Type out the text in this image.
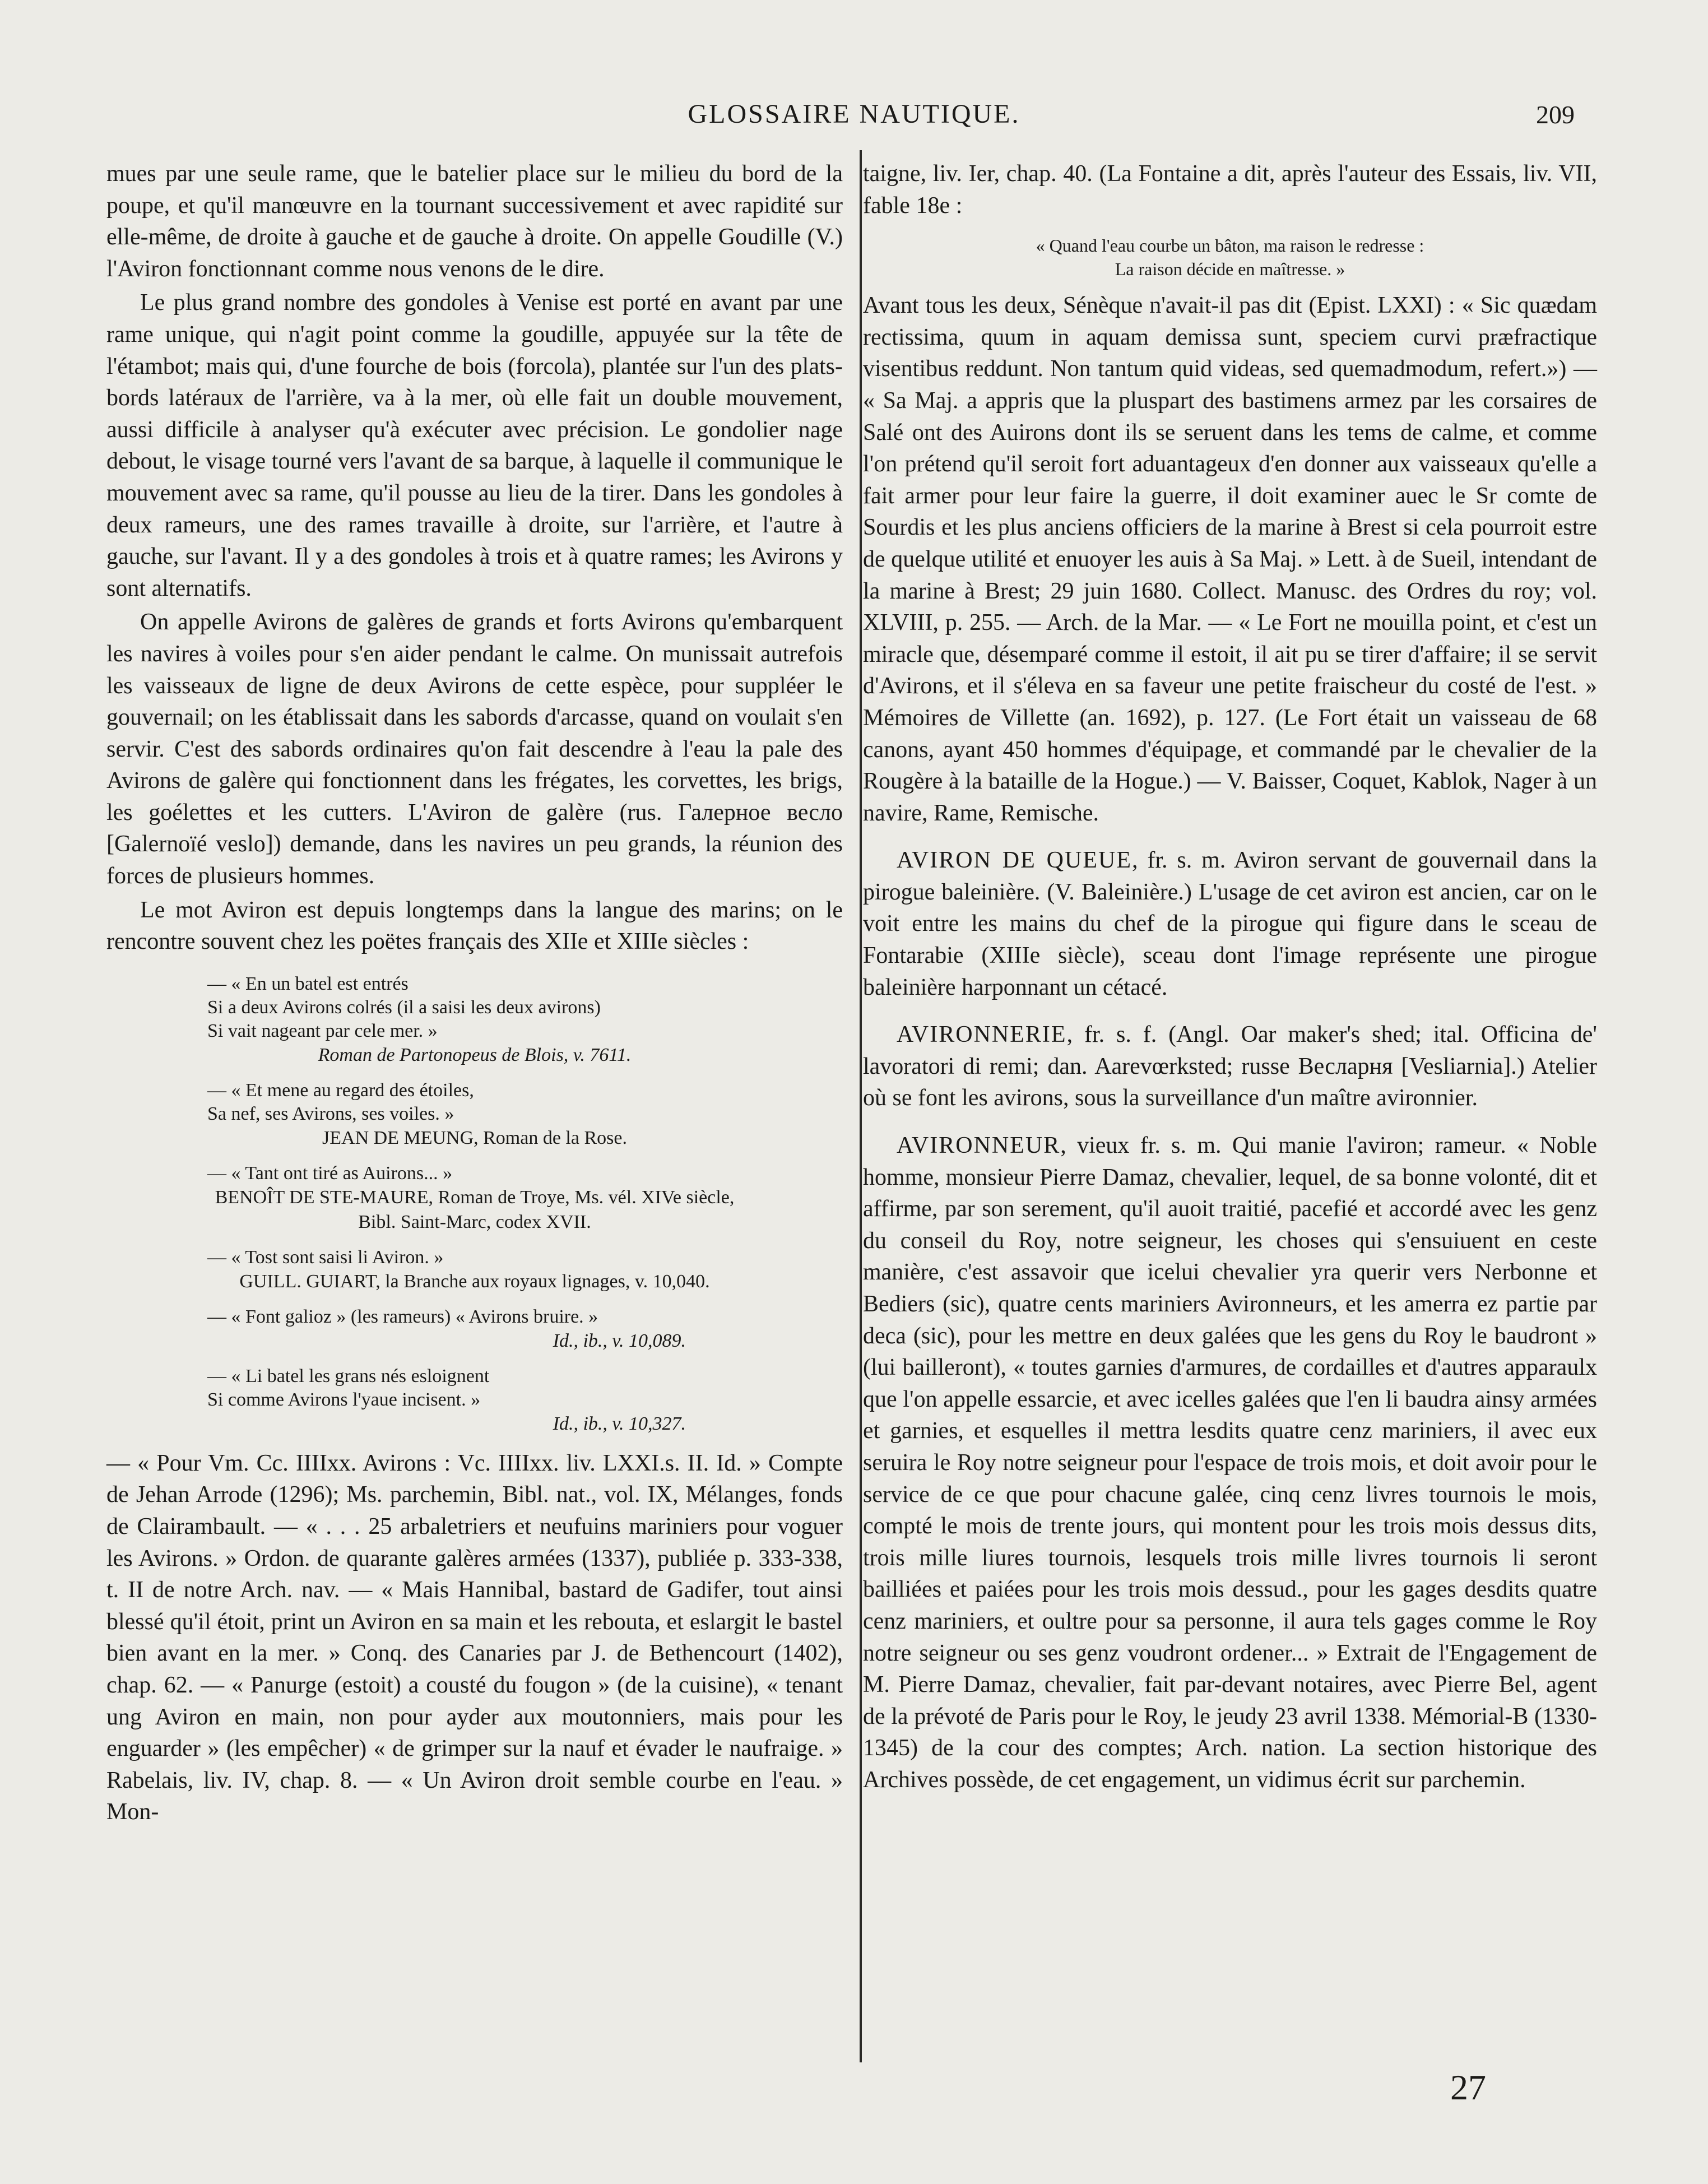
GLOSSAIRE NAUTIQUE.	209

mues par une seule rame, que le batelier place sur le milieu du bord de la poupe, et qu'il manœuvre en la tournant successivement et avec rapidité sur elle-même, de droite à gauche et de gauche à droite. On appelle Goudille (V.) l'Aviron fonctionnant comme nous venons de le dire.

Le plus grand nombre des gondoles à Venise est porté en avant par une rame unique, qui n'agit point comme la goudille, appuyée sur la tête de l'étambot; mais qui, d'une fourche de bois (forcola), plantée sur l'un des plats-bords latéraux de l'arrière, va à la mer, où elle fait un double mouvement, aussi difficile à analyser qu'à exécuter avec précision. Le gondolier nage debout, le visage tourné vers l'avant de sa barque, à laquelle il communique le mouvement avec sa rame, qu'il pousse au lieu de la tirer. Dans les gondoles à deux rameurs, une des rames travaille à droite, sur l'arrière, et l'autre à gauche, sur l'avant. Il y a des gondoles à trois et à quatre rames; les Avirons y sont alternatifs.

On appelle Avirons de galères de grands et forts Avirons qu'embarquent les navires à voiles pour s'en aider pendant le calme. On munissait autrefois les vaisseaux de ligne de deux Avirons de cette espèce, pour suppléer le gouvernail; on les établissait dans les sabords d'arcasse, quand on voulait s'en servir. C'est des sabords ordinaires qu'on fait descendre à l'eau la pale des Avirons de galère qui fonctionnent dans les frégates, les corvettes, les brigs, les goélettes et les cutters. L'Aviron de galère (rus. Галерное весло [Galernoïé veslo]) demande, dans les navires un peu grands, la réunion des forces de plusieurs hommes.

Le mot Aviron est depuis longtemps dans la langue des marins; on le rencontre souvent chez les poëtes français des XIIe et XIIIe siècles :

— « En un batel est entrés
Si a deux Avirons colrés (il a saisi les deux avirons)
Si vait nageant par cele mer. »
Roman de Partonopeus de Blois, v. 7611.
— « Et mene au regard des étoiles,
Sa nef, ses Avirons, ses voiles. »
JEAN DE MEUNG, Roman de la Rose.
— « Tant ont tiré as Auirons... »
BENOÎT DE STE-MAURE, Roman de Troye, Ms. vél. XIVe siècle,
Bibl. Saint-Marc, codex XVII.
— « Tost sont saisi li Aviron. »
GUILL. GUIART, la Branche aux royaux lignages, v. 10,040.
— « Font galioz » (les rameurs) « Avirons bruire. »
Id., ib., v. 10,089.
— « Li batel les grans nés esloignent
Si comme Avirons l'yaue incisent. »
Id., ib., v. 10,327.

— « Pour Vm. Cc. IIIIxx. Avirons : Vc. IIIIxx. liv. LXXI.s. II. Id. » Compte de Jehan Arrode (1296); Ms. parchemin, Bibl. nat., vol. IX, Mélanges, fonds de Clairambault. — « . . . 25 arbaletriers et neufuins mariniers pour voguer les Avirons. » Ordon. de quarante galères armées (1337), publiée p. 333-338, t. II de notre Arch. nav. — « Mais Hannibal, bastard de Gadifer, tout ainsi blessé qu'il étoit, print un Aviron en sa main et les rebouta, et eslargit le bastel bien avant en la mer. » Conq. des Canaries par J. de Bethencourt (1402), chap. 62. — « Panurge (estoit) a cousté du fougon » (de la cuisine), « tenant ung Aviron en main, non pour ayder aux moutonniers, mais pour les enguarder » (les empêcher) « de grimper sur la nauf et évader le naufraige. » Rabelais, liv. IV, chap. 8. — « Un Aviron droit semble courbe en l'eau. » Mon-

taigne, liv. Ier, chap. 40. (La Fontaine a dit, après l'auteur des Essais, liv. VII, fable 18e :

« Quand l'eau courbe un bâton, ma raison le redresse :
La raison décide en maîtresse. »

Avant tous les deux, Sénèque n'avait-il pas dit (Epist. LXXI) : « Sic quædam rectissima, quum in aquam demissa sunt, speciem curvi præfractique visentibus reddunt. Non tantum quid videas, sed quemadmodum, refert.») — « Sa Maj. a appris que la pluspart des bastimens armez par les corsaires de Salé ont des Auirons dont ils se seruent dans les tems de calme, et comme l'on prétend qu'il seroit fort aduantageux d'en donner aux vaisseaux qu'elle a fait armer pour leur faire la guerre, il doit examiner auec le Sr comte de Sourdis et les plus anciens officiers de la marine à Brest si cela pourroit estre de quelque utilité et enuoyer les auis à Sa Maj. » Lett. à de Sueil, intendant de la marine à Brest; 29 juin 1680. Collect. Manusc. des Ordres du roy; vol. XLVIII, p. 255. — Arch. de la Mar. — « Le Fort ne mouilla point, et c'est un miracle que, désemparé comme il estoit, il ait pu se tirer d'affaire; il se servit d'Avirons, et il s'éleva en sa faveur une petite fraischeur du costé de l'est. » Mémoires de Villette (an. 1692), p. 127. (Le Fort était un vaisseau de 68 canons, ayant 450 hommes d'équipage, et commandé par le chevalier de la Rougère à la bataille de la Hogue.) — V. Baisser, Coquet, Kablok, Nager à un navire, Rame, Remische.

AVIRON DE QUEUE, fr. s. m. Aviron servant de gouvernail dans la pirogue baleinière. (V. Baleinière.) L'usage de cet aviron est ancien, car on le voit entre les mains du chef de la pirogue qui figure dans le sceau de Fontarabie (XIIIe siècle), sceau dont l'image représente une pirogue baleinière harponnant un cétacé.

AVIRONNERIE, fr. s. f. (Angl. Oar maker's shed; ital. Officina de' lavoratori di remi; dan. Aarevœrksted; russe Весларня [Vesliarnia].) Atelier où se font les avirons, sous la surveillance d'un maître avironnier.

AVIRONNEUR, vieux fr. s. m. Qui manie l'aviron; rameur. « Noble homme, monsieur Pierre Damaz, chevalier, lequel, de sa bonne volonté, dit et affirme, par son serement, qu'il auoit traitié, pacefié et accordé avec les genz du conseil du Roy, notre seigneur, les choses qui s'ensuiuent en ceste manière, c'est assavoir que icelui chevalier yra querir vers Nerbonne et Bediers (sic), quatre cents mariniers Avironneurs, et les amerra ez partie par deca (sic), pour les mettre en deux galées que les gens du Roy le baudront » (lui bailleront), « toutes garnies d'armures, de cordailles et d'autres apparaulx que l'on appelle essarcie, et avec icelles galées que l'en li baudra ainsy armées et garnies, et esquelles il mettra lesdits quatre cenz mariniers, il avec eux seruira le Roy notre seigneur pour l'espace de trois mois, et doit avoir pour le service de ce que pour chacune galée, cinq cenz livres tournois le mois, compté le mois de trente jours, qui montent pour les trois mois dessus dits, trois mille liures tournois, lesquels trois mille livres tournois li seront bailliées et paiées pour les trois mois dessud., pour les gages desdits quatre cenz mariniers, et oultre pour sa personne, il aura tels gages comme le Roy notre seigneur ou ses genz voudront ordener... » Extrait de l'Engagement de M. Pierre Damaz, chevalier, fait par-devant notaires, avec Pierre Bel, agent de la prévoté de Paris pour le Roy, le jeudy 23 avril 1338. Mémorial-B (1330-1345) de la cour des comptes; Arch. nation. La section historique des Archives possède, de cet engagement, un vidimus écrit sur parchemin.

27
